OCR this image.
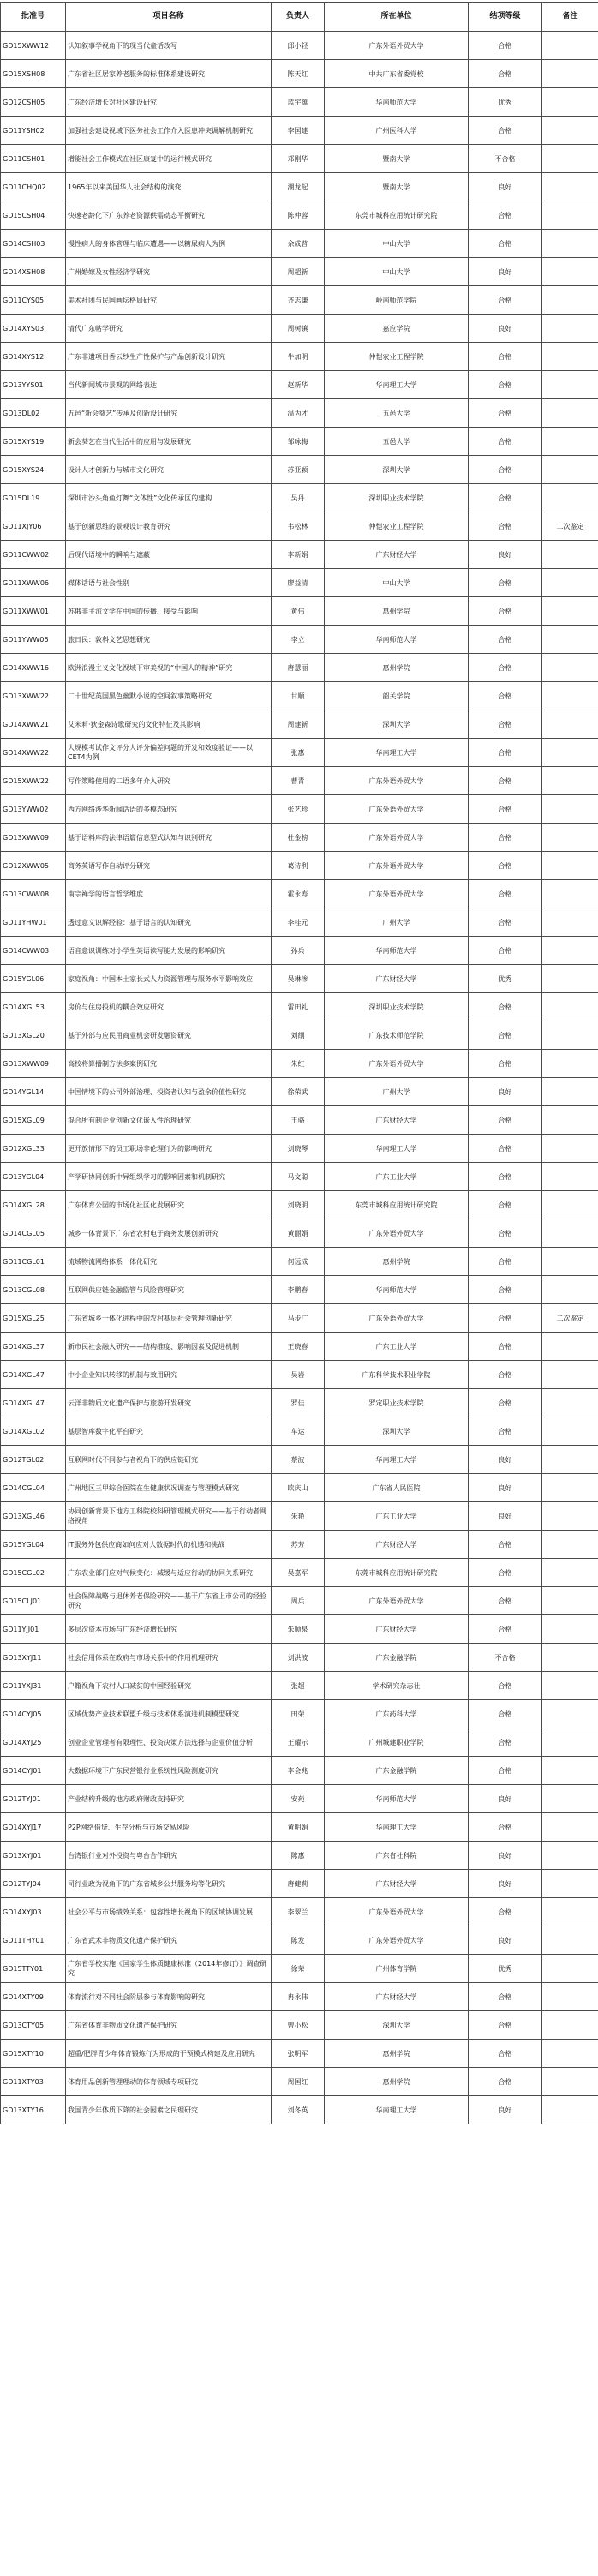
批准号	项目名称	负责人	所在单位	结项等级	备注
GD15XWW12	认知叙事学视角下的现当代童话改写	邱小轻	广东外语外贸大学	合格	
GD15XSH08	广东省社区居家养老服务的标准体系建设研究	陈天红	中共广东省委党校	合格	
GD12CSH05	广东经济增长对社区建设研究	蓝宇蕴	华南师范大学	优秀	
GD11YSH02	加强社会建设视域下医务社会工作介入医患冲突调解机制研究	李国建	广州医科大学	合格	
GD11CSH01	增能社会工作模式在社区康复中的运行模式研究	邓刚华	暨南大学	不合格	
GD11CHQ02	1965年以来美国华人社会结构的演变	潮龙起	暨南大学	良好	
GD15CSH04	快速老龄化下广东养老资源供需动态平衡研究	陈仲蓉	东莞市城科应用统计研究院	合格	
GD14CSH03	慢性病人的身体管理与临床遭遇——以糖尿病人为例	余成普	中山大学	合格	
GD14XSH08	广州婚嫁及女性经济学研究	周超新	中山大学	良好	
GD11CYS05	美术社团与民国画坛格局研究	齐志谦	岭南师范学院	合格	
GD14XYS03	清代广东帖学研究	周树镇	嘉应学院	良好	
GD14XYS12	广东非遗项目香云纱生产性保护与产品创新设计研究	牛加明	仲恺农业工程学院	合格	
GD13YYS01	当代新闻城市景观的网络表达	赵新华	华南理工大学	合格	
GD13DL02	五邑“新会葵艺”传承及创新设计研究	温为才	五邑大学	合格	
GD15XYS19	新会葵艺在当代生活中的应用与发展研究	邹咏梅	五邑大学	合格	
GD15XYS24	设计人才创新力与城市文化研究	苏亚颖	深圳大学	合格	
GD15DL19	深圳市沙头角鱼灯舞“文体性”文化传承区的建构	吴丹	深圳职业技术学院	合格	
GD11XJY06	基于创新思维的景观设计教育研究	韦松林	仲恺农业工程学院	合格	二次鉴定
GD11CWW02	后现代语境中的瞬响与遮蔽	李新娟	广东财经大学	良好	
GD11XWW06	媒体话语与社会性别	廖益清	中山大学	合格	
GD11XWW01	苏俄非主流文学在中国的传播、接受与影响	黄伟	惠州学院	合格	
GD11YWW06	旅日民：敦科文艺思想研究	李立	华南师范大学	合格	
GD14XWW16	欧洲浪漫主义文化视域下审美视的“中国人的精神”研究	唐慧丽	惠州学院	合格	
GD13XWW22	二十世纪英国黑色幽默小说的空间叙事策略研究	甘顺	韶关学院	合格	
GD14XWW21	艾米莉·狄金森诗歌研究的文化特征及其影响	周建新	深圳大学	合格	
GD14XWW22	大规模考试作文评分人评分偏差问题的开发和效度验证——以CET4为例	张惠	华南理工大学	合格	
GD15XWW22	写作策略使用的二语多年介入研究	曹青	广东外语外贸大学	合格	
GD13YWW02	西方网络涉华新闻话语的多模态研究	张艺珍	广东外语外贸大学	合格	
GD13XWW09	基于语料库的法律语篇信息型式认知与识别研究	杜金榜	广东外语外贸大学	合格	
GD12XWW05	商务英语写作自动评分研究	葛诗利	广东外语外贸大学	合格	
GD13CWW08	南宗禅学的语言哲学维度	霍永寿	广东外语外贸大学	合格	
GD11YHW01	透过意义识解经验：基于语言的认知研究	李桂元	广州大学	合格	
GD14CWW03	语音意识训练对小学生英语读写能力发展的影响研究	孙兵	华南师范大学	合格	
GD15YGL06	家庭视角：中国本土家长式人力资源管理与服务水平影响效应	吴琳渗	广东财经大学	优秀	
GD14XGL53	房价与住房投机的耦合效应研究	雷田礼	深圳职业技术学院	合格	
GD13XGL20	基于外部与应民用商业机会研发融资研究	刘纲	广东技术师范学院	合格	
GD13XWW09	高校将算播制方法多案例研究	朱红	广东外语外贸大学	合格	
GD14YGL14	中国情境下的公司外部治理、投资者认知与盈余价值性研究	徐荣武	广州大学	良好	
GD15XGL09	混合所有制企业创新文化嵌入性治理研究	王骆	广东财经大学	合格	
GD12XGL33	更开放情形下的员工职场非伦理行为的影响研究	刘晓琴	华南理工大学	合格	
GD13YGL04	产学研协同创新中异组织学习的影响因素和机制研究	马文聪	广东工业大学	合格	
GD14XGL28	广东体育公园的市场化社区化发展研究	刘晓明	东莞市城科应用统计研究院	合格	
GD14CGL05	城乡一体背景下广东省农村电子商务发展创新研究	黄丽娟	广东外语外贸大学	合格	
GD11CGL01	流域物流网络体系一体化研究	何远成	惠州学院	合格	
GD13CGL08	互联网供应链金融监管与风险管理研究	李鹏春	华南师范大学	合格	
GD15XGL25	广东省城乡一体化进程中的农村基层社会管理创新研究	马步广	广东外语外贸大学	合格	二次鉴定
GD14XGL37	新市民社会融入研究——结构维度、影响因素及促进机制	王晓春	广东工业大学	合格	
GD14XGL47	中小企业知识转移的机制与效用研究	吴岩	广东科学技术职业学院	合格	
GD14XGL47	云洋非物质文化遗产保护与旅游开发研究	罗佳	罗定职业技术学院	合格	
GD14XGL02	基层智库数字化平台研究	车达	深圳大学	合格	
GD12TGL02	互联网时代不同参与者视角下的供应链研究	蔡波	华南理工大学	良好	
GD14CGL04	广州地区三甲综合医院在生健康状况调查与管理模式研究	欧庆山	广东省人民医院	良好	
GD13XGL46	协同创新背景下地方工科院校科研管理模式研究——基于行动者网络视角	朱艳	广东工业大学	良好	
GD15YGL04	IT服务外包供应商如何应对大数据时代的机遇和挑战	苏芳	广东财经大学	合格	
GD15CGL02	广东农业部门应对气候变化：减缓与适应行动的协同关系研究	吴嘉军	东莞市城科应用统计研究院	合格	
GD15CLJ01	社会保障战略与退休养老保险研究——基于广东省上市公司的经验研究	周兵	广东外语外贸大学	合格	
GD11YJJ01	多层次资本市场与广东经济增长研究	朱顺泉	广东财经大学	合格	
GD13XYJ11	社会信用体系在政府与市场关系中的作用机理研究	刘洪波	广东金融学院	不合格	
GD11YXJ31	户籍视角下农村人口减贫的中国经验研究	张超	学术研究杂志社	合格	
GD14CYJ05	区域优势产业技术联盟升级与技术体系演进机制模型研究	田荣	广东药科大学	合格	
GD14XYJ25	创业企业管理者有限理性、投资决策方法选择与企业价值分析	王耀示	广州城建职业学院	合格	
GD14CYJ01	大数据环境下广东民营银行业系统性风险测度研究	李会兆	广东金融学院	合格	
GD12TYJ01	产业结构升级的地方政府财政支持研究	安苑	华南师范大学	良好	
GD14XYJ17	P2P网络借贷、生存分析与市场交易风险	黄明娟	华南理工大学	合格	
GD13XYJ01	台湾银行业对外投资与粤台合作研究	陈惠	广东省社科院	良好	
GD12TYJ04	司行业政为视角下的广东省城乡公共服务均等化研究	唐健莉	广东财经大学	良好	
GD14XYJ03	社会公平与市场绩效关系：包容性增长视角下的区域协调发展	李翠兰	广东外语外贸大学	合格	
GD11THY01	广东省武术非物质文化遗产保护研究	陈发	广东外语外贸大学	良好	
GD15TTY01	广东省学校实施《国家学生体质健康标准（2014年修订）》调查研究	徐荣	广州体育学院	优秀	
GD14XTY09	体育流行对不同社会阶层参与体育影响的研究	冉永伟	广东财经大学	合格	
GD13CTY05	广东省体育非物质文化遗产保护研究	曾小松	深圳大学	合格	
GD15XTY10	超重/肥胖青少年体育锻炼行为形成的干预模式构建及应用研究	张明军	惠州学院	合格	
GD11XTY03	体育用品创新管理理动的体育领域专项研究	周国红	惠州学院	合格	
GD13XTY16	我国青少年体质下降的社会因素之民理研究	刘冬英	华南理工大学	良好	
